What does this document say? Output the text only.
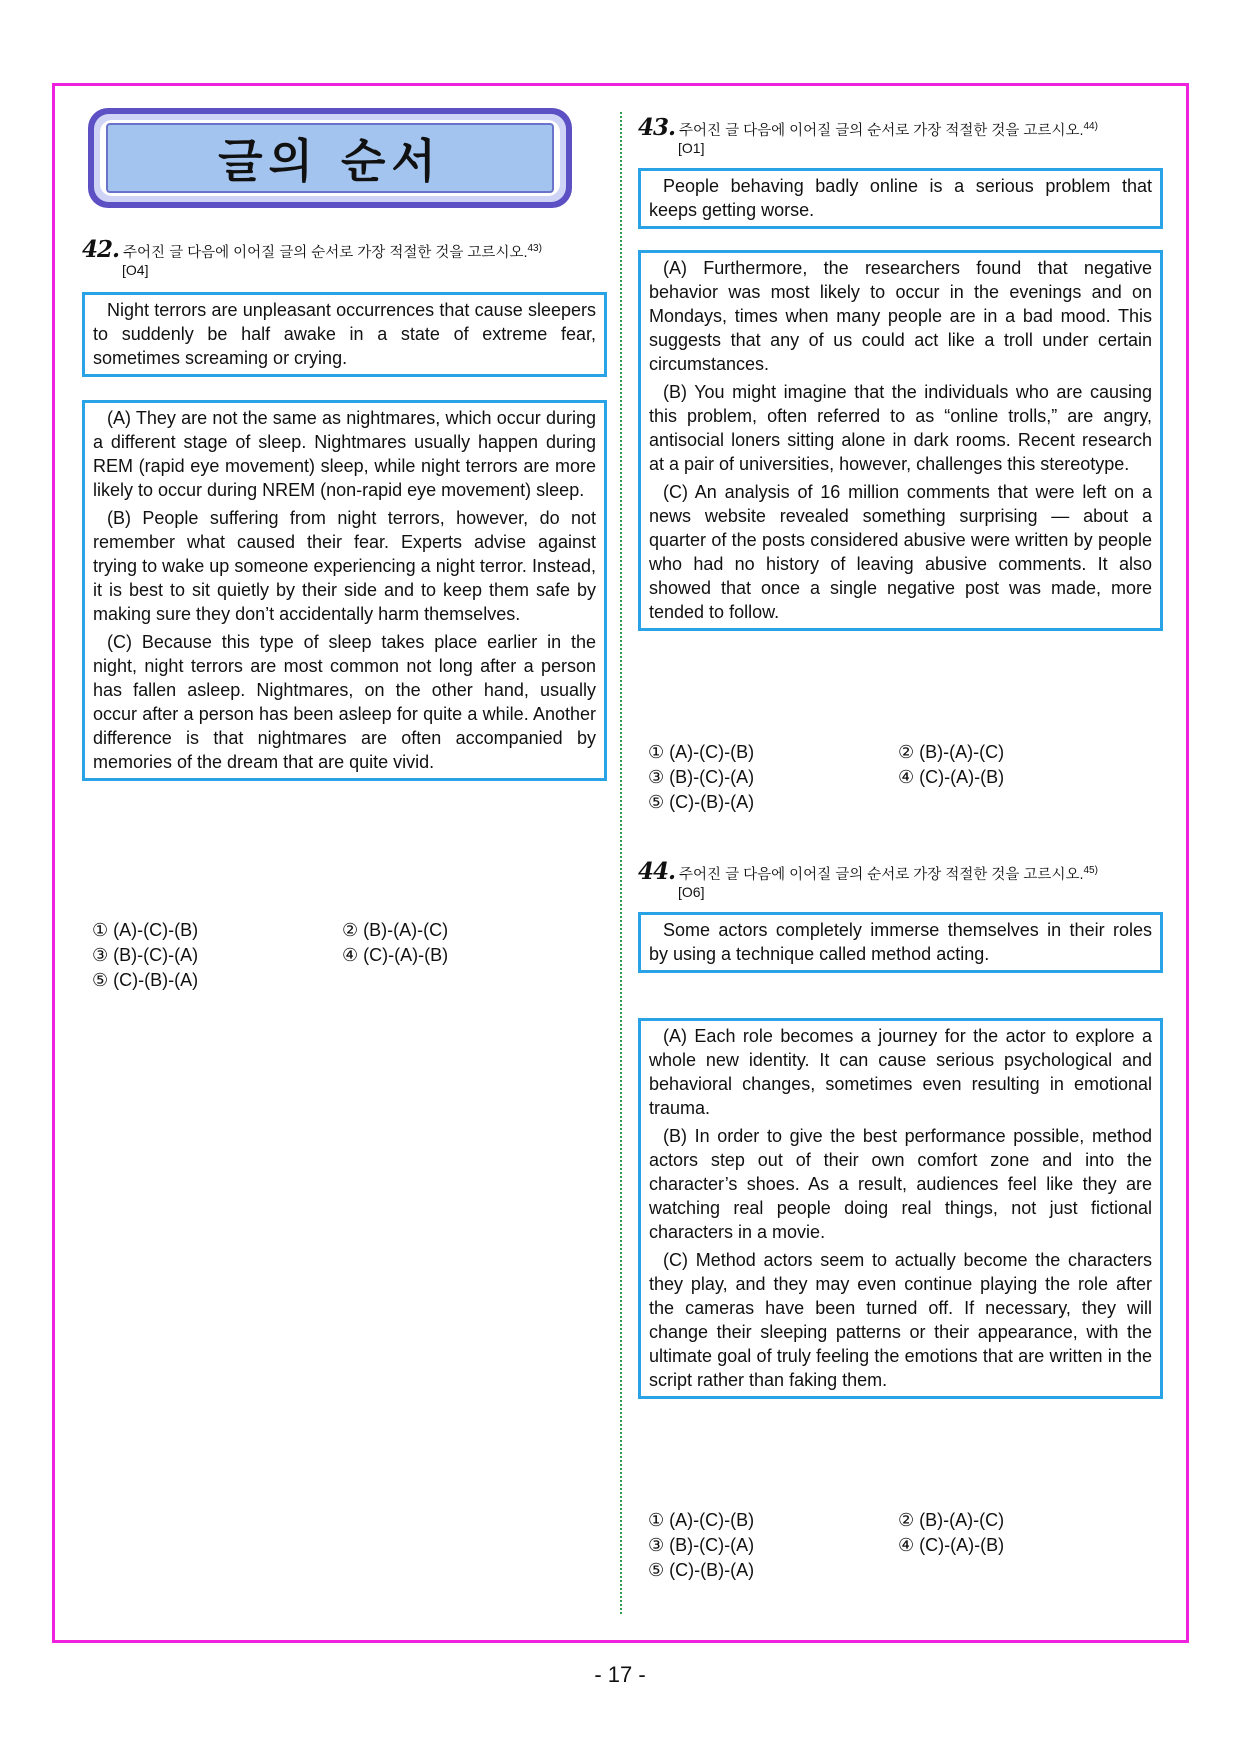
글의 순서
42. 주어진 글 다음에 이어질 글의 순서로 가장 적절한 것을 고르시오.$^{43)}$
[O4]

Night terrors are unpleasant occurrences that cause sleepers to suddenly be half awake in a state of extreme fear, sometimes screaming or crying.

(A) They are not the same as nightmares, which occur during a different stage of sleep. Nightmares usually happen during REM (rapid eye movement) sleep, while night terrors are more likely to occur during NREM (non-rapid eye movement) sleep.

(B) People suffering from night terrors, however, do not remember what caused their fear. Experts advise against trying to wake up someone experiencing a night terror. Instead, it is best to sit quietly by their side and to keep them safe by making sure they don’t accidentally harm themselves.

(C) Because this type of sleep takes place earlier in the night, night terrors are most common not long after a person has fallen asleep. Nightmares, on the other hand, usually occur after a person has been asleep for quite a while. Another difference is that nightmares are often accompanied by memories of the dream that are quite vivid.

① (A)-(C)-(B)	② (B)-(A)-(C)
③ (B)-(C)-(A)	④ (C)-(A)-(B)
⑤ (C)-(B)-(A)
43. 주어진 글 다음에 이어질 글의 순서로 가장 적절한 것을 고르시오.$^{44)}$
[O1]

People behaving badly online is a serious problem that keeps getting worse.

(A) Furthermore, the researchers found that negative behavior was most likely to occur in the evenings and on Mondays, times when many people are in a bad mood. This suggests that any of us could act like a troll under certain circumstances.

(B) You might imagine that the individuals who are causing this problem, often referred to as “online trolls,” are angry, antisocial loners sitting alone in dark rooms. Recent research at a pair of universities, however, challenges this stereotype.

(C) An analysis of 16 million comments that were left on a news website revealed something surprising ― about a quarter of the posts considered abusive were written by people who had no history of leaving abusive comments. It also showed that once a single negative post was made, more tended to follow.

① (A)-(C)-(B)	② (B)-(A)-(C)
③ (B)-(C)-(A)	④ (C)-(A)-(B)
⑤ (C)-(B)-(A)
44. 주어진 글 다음에 이어질 글의 순서로 가장 적절한 것을 고르시오.$^{45)}$
[O6]

Some actors completely immerse themselves in their roles by using a technique called method acting.

(A) Each role becomes a journey for the actor to explore a whole new identity. It can cause serious psychological and behavioral changes, sometimes even resulting in emotional trauma.

(B) In order to give the best performance possible, method actors step out of their own comfort zone and into the character’s shoes. As a result, audiences feel like they are watching real people doing real things, not just fictional characters in a movie.

(C) Method actors seem to actually become the characters they play, and they may even continue playing the role after the cameras have been turned off. If necessary, they will change their sleeping patterns or their appearance, with the ultimate goal of truly feeling the emotions that are written in the script rather than faking them.

① (A)-(C)-(B)	② (B)-(A)-(C)
③ (B)-(C)-(A)	④ (C)-(A)-(B)
⑤ (C)-(B)-(A)
- 17 -
